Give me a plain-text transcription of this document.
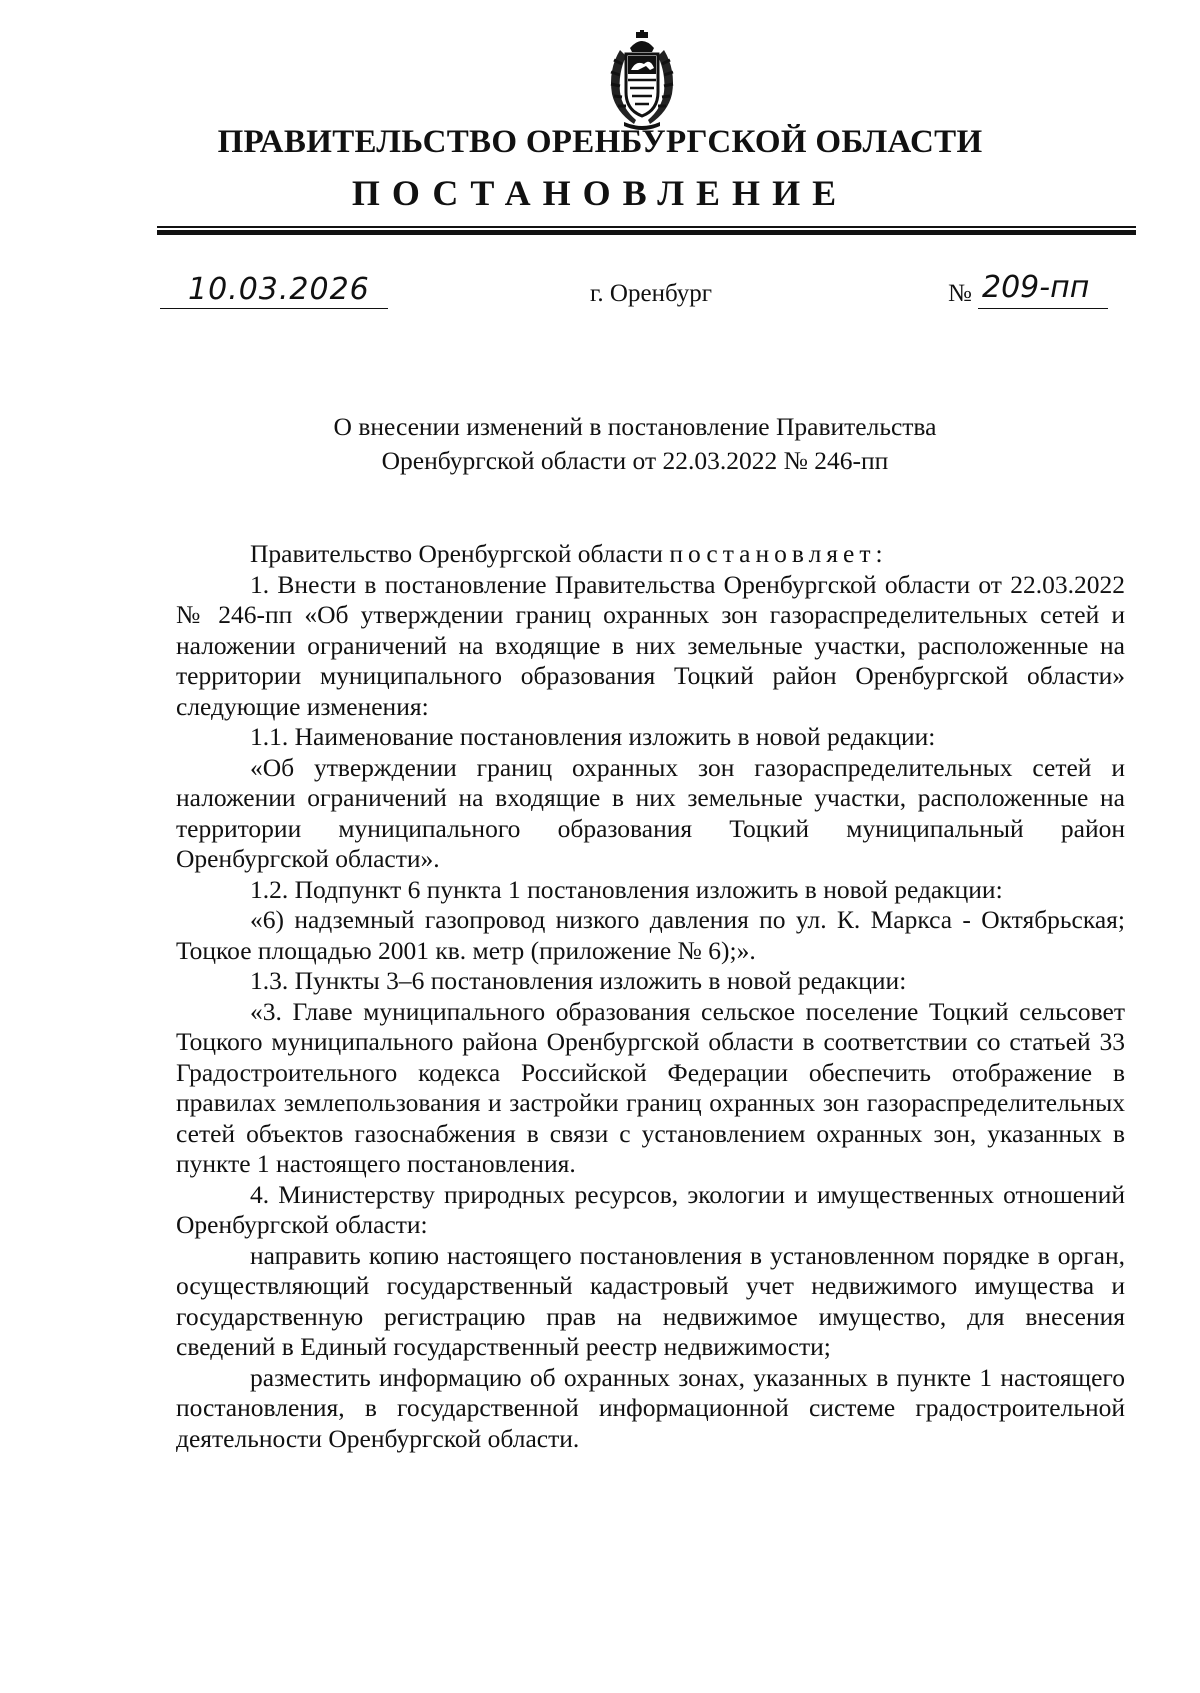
ПРАВИТЕЛЬСТВО ОРЕНБУРГСКОЙ ОБЛАСТИ
ПОСТАНОВЛЕНИЕ
10.03.2026	г. Оренбург	№ 209-пп
О внесении изменений в постановление Правительства
Оренбургской области от 22.03.2022 № 246-пп

Правительство Оренбургской области постановляет:

1. Внести в постановление Правительства Оренбургской области от 22.03.2022 № 246-пп «Об утверждении границ охранных зон газораспределительных сетей и наложении ограничений на входящие в них земельные участки, расположенные на территории муниципального образования Тоцкий район Оренбургской области» следующие изменения:

1.1. Наименование постановления изложить в новой редакции:

«Об утверждении границ охранных зон газораспределительных сетей и наложении ограничений на входящие в них земельные участки, расположенные на территории муниципального образования Тоцкий муниципальный район Оренбургской области».

1.2. Подпункт 6 пункта 1 постановления изложить в новой редакции:

«6) надземный газопровод низкого давления по ул. К. Маркса - Октябрьская; Тоцкое площадью 2001 кв. метр (приложение № 6);».

1.3. Пункты 3–6 постановления изложить в новой редакции:

«3. Главе муниципального образования сельское поселение Тоцкий сельсовет Тоцкого муниципального района Оренбургской области в соответствии со статьей 33 Градостроительного кодекса Российской Федерации обеспечить отображение в правилах землепользования и застройки границ охранных зон газораспределительных сетей объектов газоснабжения в связи с установлением охранных зон, указанных в пункте 1 настоящего постановления.

4. Министерству природных ресурсов, экологии и имущественных отношений Оренбургской области:

направить копию настоящего постановления в установленном порядке в орган, осуществляющий государственный кадастровый учет недвижимого имущества и государственную регистрацию прав на недвижимое имущество, для внесения сведений в Единый государственный реестр недвижимости;

разместить информацию об охранных зонах, указанных в пункте 1 настоящего постановления, в государственной информационной системе градостроительной деятельности Оренбургской области.
